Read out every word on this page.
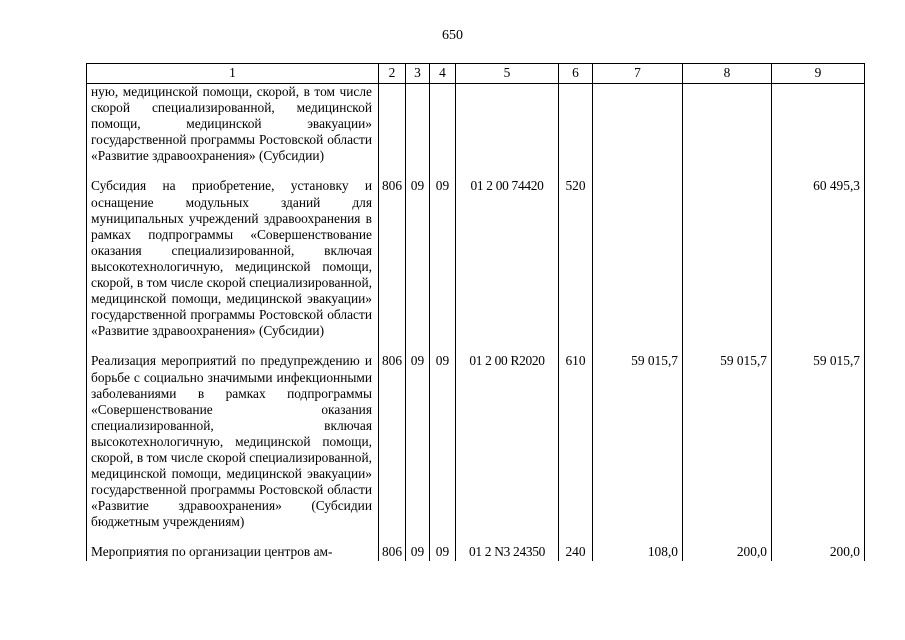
650
1	2	3	4	5	6	7	8	9
ную, медицинской помощи, скорой, в том числе скорой специализированной, медицинской помощи, медицинской эвакуации» государственной программы Ростовской области «Развитие здравоохранения» (Субсидии)								

Субсидия на приобретение, установку и оснащение модульных зданий для муниципальных учреждений здравоохранения в рамках подпрограммы «Совершенствование оказания специализированной, включая высокотехнологичную, медицинской помощи, скорой, в том числе скорой специализированной, медицинской помощи, медицинской эвакуации» государственной программы Ростовской области «Развитие здравоохранения» (Субсидии)	806	09	09	01 2 00 74420	520			60 495,3

Реализация мероприятий по предупреждению и борьбе с социально значимыми инфекционными заболеваниями в рамках подпрограммы «Совершенствование оказания специализированной, включая высокотехнологичную, медицинской помощи, скорой, в том числе скорой специализированной, медицинской помощи, медицинской эвакуации» государственной программы Ростовской области «Развитие здравоохранения» (Субсидии бюджетным учреждениям)	806	09	09	01 2 00 R2020	610	59 015,7	59 015,7	59 015,7

Мероприятия по организации центров ам-	806	09	09	01 2 N3 24350	240	108,0	200,0	200,0
